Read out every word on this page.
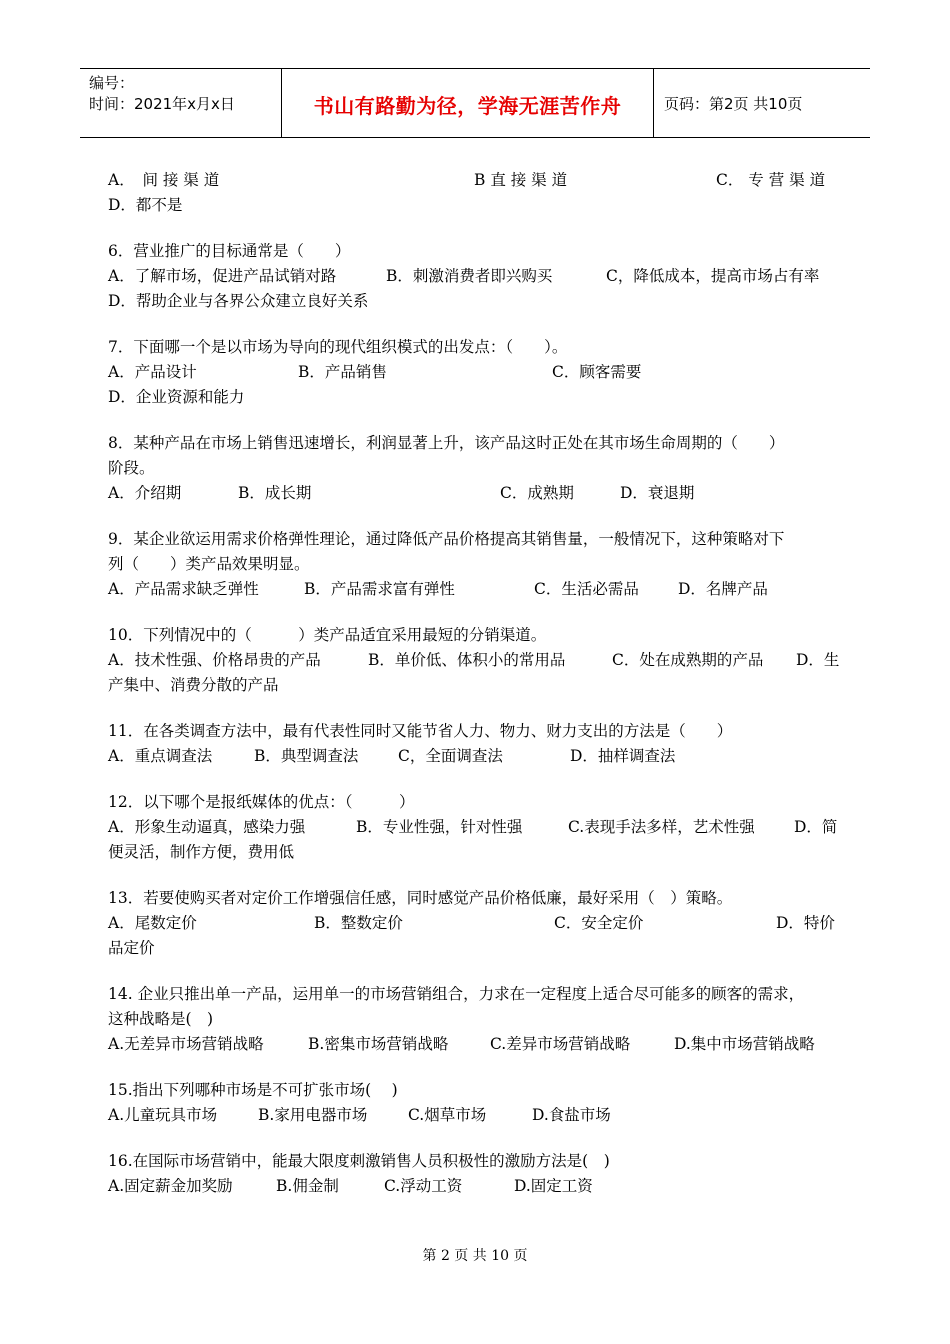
编号：
时间：2021年x月x日	书山有路勤为径，学海无涯苦作舟	页码：第2页 共10页
A．　间 接 渠 道	B 直 接 渠 道	C． 专 营 渠 道
D．都不是
6．营业推广的目标通常是（　　）
A．了解市场，促进产品试销对路	B．刺激消费者即兴购买	C，降低成本，提高市场占有率
D．帮助企业与各界公众建立良好关系
7．下面哪一个是以市场为导向的现代组织模式的出发点：（　　）。
A．产品设计	B．产品销售	C．顾客需要
D．企业资源和能力
8．某种产品在市场上销售迅速增长，利润显著上升，该产品这时正处在其市场生命周期的（　　）
阶段。
A．介绍期	B．成长期	C．成熟期	D．衰退期
9．某企业欲运用需求价格弹性理论，通过降低产品价格提高其销售量，一般情况下，这种策略对下
列（　　）类产品效果明显。
A．产品需求缺乏弹性	B．产品需求富有弹性	C．生活必需品	D．名牌产品
10．下列情况中的（　　　）类产品适宜采用最短的分销渠道。
A．技术性强、价格昂贵的产品	B．单价低、体积小的常用品	C．处在成熟期的产品 D．生
产集中、消费分散的产品
11．在各类调查方法中，最有代表性同时又能节省人力、物力、财力支出的方法是（　　）
A．重点调查法	B．典型调查法	C，全面调查法	D．抽样调查法
12．以下哪个是报纸媒体的优点：（　　　）
A．形象生动逼真，感染力强	B．专业性强，针对性强	C.表现手法多样，艺术性强	D．简
便灵活，制作方便，费用低
13．若要使购买者对定价工作增强信任感，同时感觉产品价格低廉，最好采用（　）策略。
A．尾数定价	B．整数定价	C．安全定价	D．特价
品定价
14. 企业只推出单一产品，运用单一的市场营销组合，力求在一定程度上适合尽可能多的顾客的需求，
这种战略是(　)
A.无差异市场营销战略	B.密集市场营销战略	C.差异市场营销战略	D.集中市场营销战略
15.指出下列哪种市场是不可扩张市场(　 )
A.儿童玩具市场	B.家用电器市场	C.烟草市场	D.食盐市场
16.在国际市场营销中，能最大限度刺激销售人员积极性的激励方法是(　)
A.固定薪金加奖励	B.佣金制	C.浮动工资	D.固定工资
第 2 页 共 10 页
